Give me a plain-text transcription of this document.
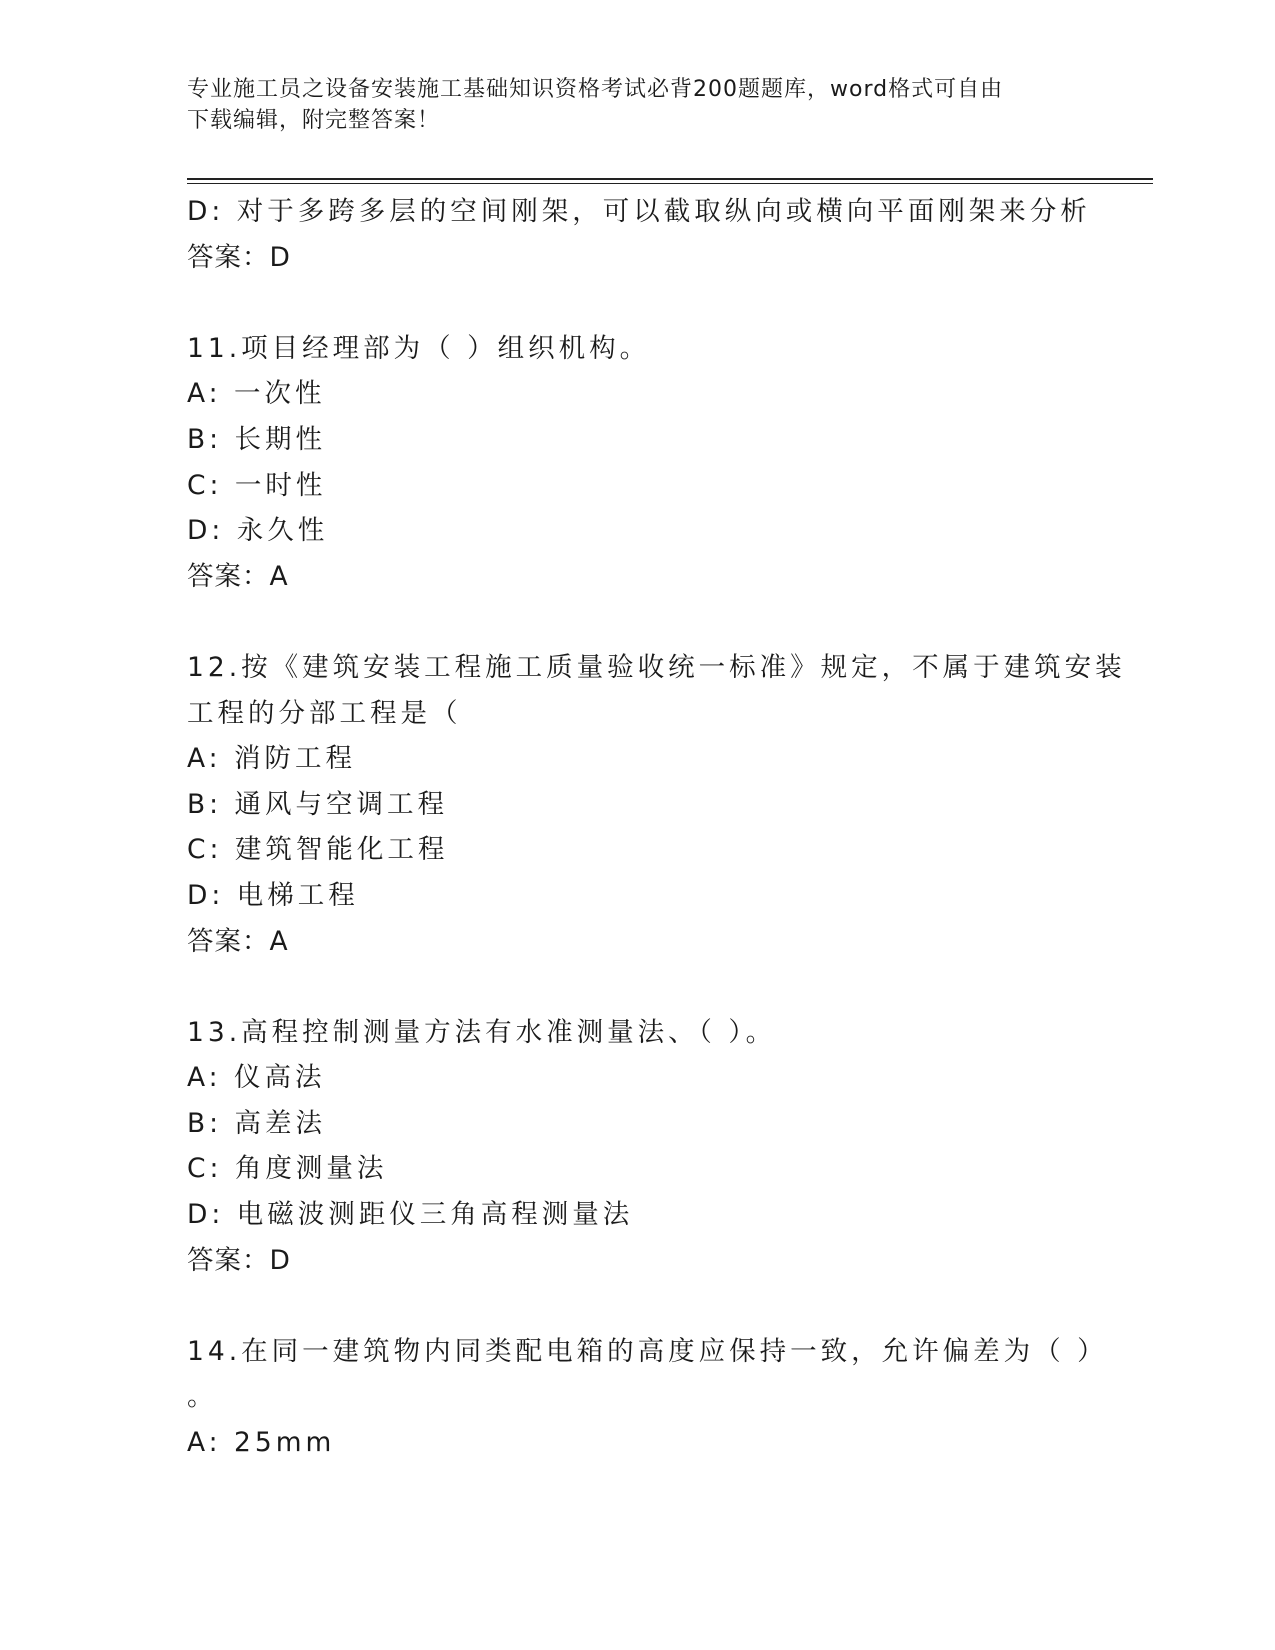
专业施工员之设备安装施工基础知识资格考试必背200题题库，word格式可自由
下载编辑，附完整答案！
D: 对于多跨多层的空间刚架，可以截取纵向或横向平面刚架来分析
答案：D
11.项目经理部为（ ）组织机构。
A: 一次性
B: 长期性
C: 一时性
D: 永久性
答案：A
12.按《建筑安装工程施工质量验收统一标准》规定，不属于建筑安装
工程的分部工程是（
A: 消防工程
B: 通风与空调工程
C: 建筑智能化工程
D: 电梯工程
答案：A
13.高程控制测量方法有水准测量法、（ ）。
A: 仪高法
B: 高差法
C: 角度测量法
D: 电磁波测距仪三角高程测量法
答案：D
14.在同一建筑物内同类配电箱的高度应保持一致，允许偏差为（ ）
。
A: 25mm
